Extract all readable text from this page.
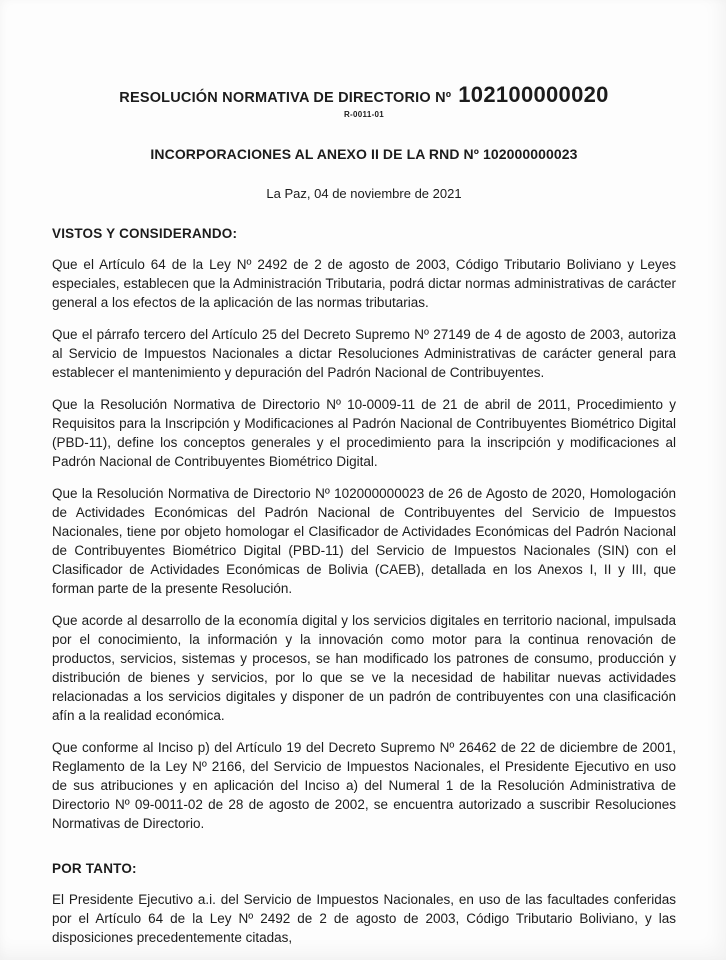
RESOLUCIÓN NORMATIVA DE DIRECTORIO Nº 102100000020
R-0011-01
INCORPORACIONES AL ANEXO II DE LA RND Nº 102000000023
La Paz, 04 de noviembre de 2021
VISTOS Y CONSIDERANDO:

Que el Artículo 64 de la Ley Nº 2492 de 2 de agosto de 2003, Código Tributario Boliviano y Leyes especiales, establecen que la Administración Tributaria, podrá dictar normas administrativas de carácter general a los efectos de la aplicación de las normas tributarias.

Que el párrafo tercero del Artículo 25 del Decreto Supremo Nº 27149 de 4 de agosto de 2003, autoriza al Servicio de Impuestos Nacionales a dictar Resoluciones Administrativas de carácter general para establecer el mantenimiento y depuración del Padrón Nacional de Contribuyentes.

Que la Resolución Normativa de Directorio Nº 10-0009-11 de 21 de abril de 2011, Procedimiento y Requisitos para la Inscripción y Modificaciones al Padrón Nacional de Contribuyentes Biométrico Digital (PBD-11), define los conceptos generales y el procedimiento para la inscripción y modificaciones al Padrón Nacional de Contribuyentes Biométrico Digital.

Que la Resolución Normativa de Directorio Nº 102000000023 de 26 de Agosto de 2020, Homologación de Actividades Económicas del Padrón Nacional de Contribuyentes del Servicio de Impuestos Nacionales, tiene por objeto homologar el Clasificador de Actividades Económicas del Padrón Nacional de Contribuyentes Biométrico Digital (PBD-11) del Servicio de Impuestos Nacionales (SIN) con el Clasificador de Actividades Económicas de Bolivia (CAEB), detallada en los Anexos I, II y III, que forman parte de la presente Resolución.

Que acorde al desarrollo de la economía digital y los servicios digitales en territorio nacional, impulsada por el conocimiento, la información y la innovación como motor para la continua renovación de productos, servicios, sistemas y procesos, se han modificado los patrones de consumo, producción y distribución de bienes y servicios, por lo que se ve la necesidad de habilitar nuevas actividades relacionadas a los servicios digitales y disponer de un padrón de contribuyentes con una clasificación afín a la realidad económica.

Que conforme al Inciso p) del Artículo 19 del Decreto Supremo Nº 26462 de 22 de diciembre de 2001, Reglamento de la Ley Nº 2166, del Servicio de Impuestos Nacionales, el Presidente Ejecutivo en uso de sus atribuciones y en aplicación del Inciso a) del Numeral 1 de la Resolución Administrativa de Directorio Nº 09-0011-02 de 28 de agosto de 2002, se encuentra autorizado a suscribir Resoluciones Normativas de Directorio.

POR TANTO:

El Presidente Ejecutivo a.i. del Servicio de Impuestos Nacionales, en uso de las facultades conferidas por el Artículo 64 de la Ley Nº 2492 de 2 de agosto de 2003, Código Tributario Boliviano, y las disposiciones precedentemente citadas,
